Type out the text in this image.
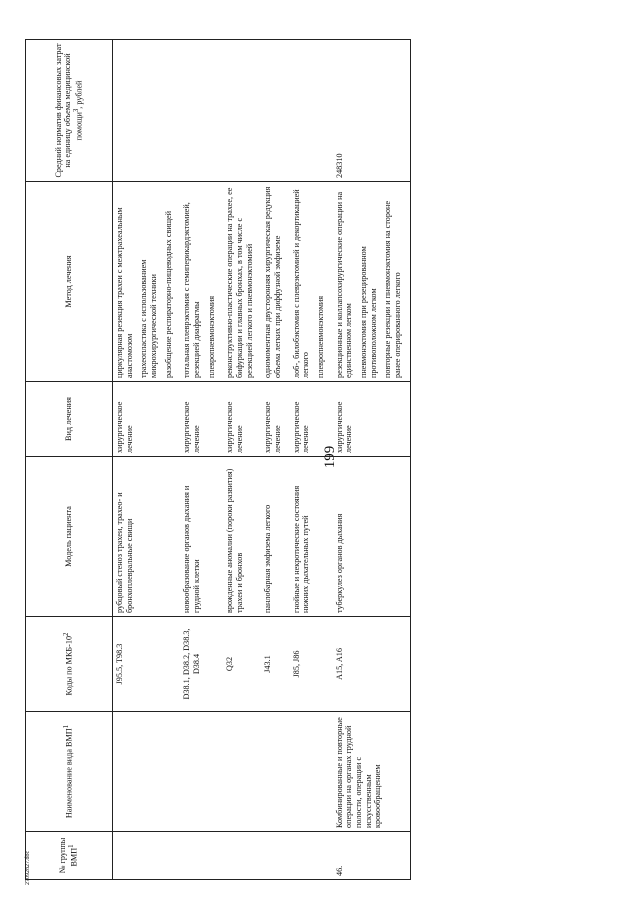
199
27092827.doc	№ группы ВМП$^1$	Наименование вида ВМП$^1$	Коды по МКБ-$10^2$	Модель пациента	Вид лечения	Метод лечения	Средний норматив финансовых затрат на единицу объема медицинской помощи$^3$, рублей
		J95.5, T98.3	рубцовый стеноз трахеи, трахео- и бронхоплевральные свищи	хирургическое лечение	циркулярная резекция трахеи с межтрахеальным анастомозом трахеопластика с использованием микрохирургической техники разобщение респираторно-пищеводных свищей	

		D38.1, D38.2, D38.3, D38.4	новообразование органов дыхания и грудной клетки	хирургическое лечение	тотальная плеврэктомия с гемиперикардэктомией, резекцией диафрагмы плевропневмонэктомия	

		Q32	врожденные аномалии (пороки развития) трахеи и бронхов	хирургическое лечение	реконструктивно-пластические операции на трахее, ее бифуркации и главных бронхах, в том числе с резекцией легкого и пневмонэктомией	

		J43.1	панлобарная эмфизема легкого	хирургическое лечение	одномоментная двусторонняя хирургическая редукция объема легких при диффузной эмфиземе	

		J85, J86	гнойные и некротические состояния нижних дыхательных путей	хирургическое лечение	лоб-, билобэктомия с плеврэктомией и декортикацией легкого плевропневмонэктомия	

46.	Комбинированные и повторные операции на органах грудной полости, операции с искусственным кровообращением	A15, A16	туберкулез органов дыхания	хирургическое лечение	резекционные и коллапсохирургические операции на единственном легком пневмонэктомия при резецированном противоположном легком повторные резекции и пневмонэктомия на стороне ранее оперированного легкого	248310
